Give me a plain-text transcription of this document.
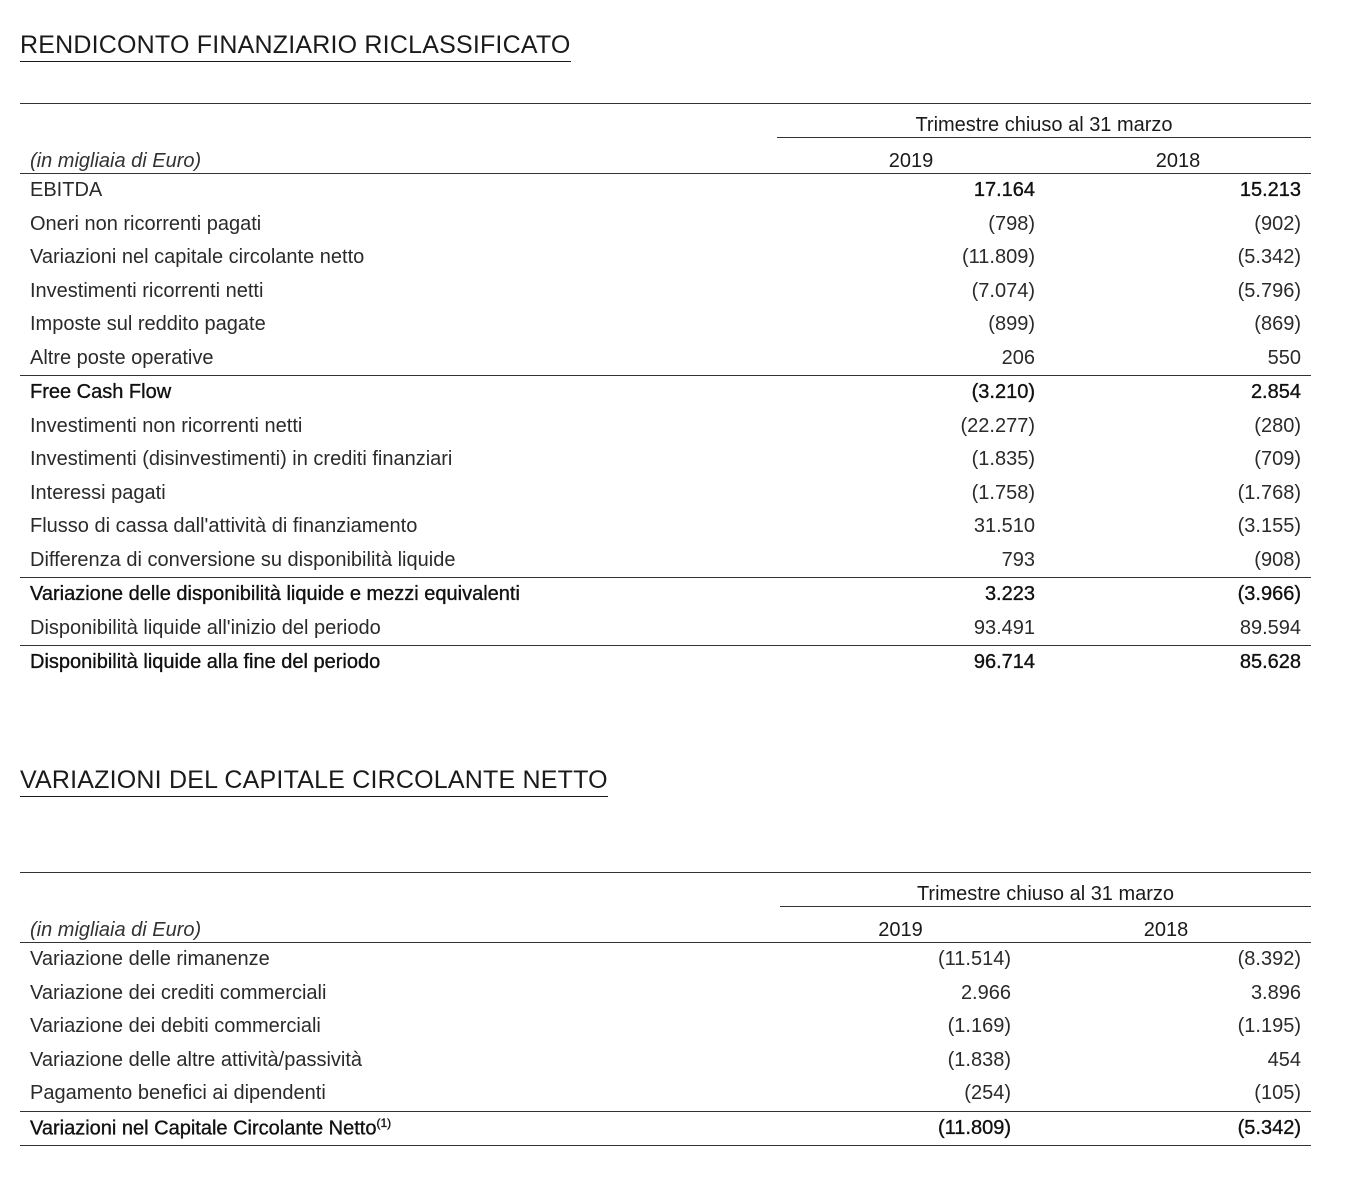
RENDICONTO FINANZIARIO RICLASSIFICATO
	Trimestre chiuso al 31 marzo	
(in migliaia di Euro)	2019	2018
EBITDA	17.164	15.213
Oneri non ricorrenti pagati	(798)	(902)
Variazioni nel capitale circolante netto	(11.809)	(5.342)
Investimenti ricorrenti netti	(7.074)	(5.796)
Imposte sul reddito pagate	(899)	(869)
Altre poste operative	206	550
Free Cash Flow	(3.210)	2.854
Investimenti non ricorrenti netti	(22.277)	(280)
Investimenti (disinvestimenti) in crediti finanziari	(1.835)	(709)
Interessi pagati	(1.758)	(1.768)
Flusso di cassa dall'attività di finanziamento	31.510	(3.155)
Differenza di conversione su disponibilità liquide	793	(908)
Variazione delle disponibilità liquide e mezzi equivalenti	3.223	(3.966)
Disponibilità liquide all'inizio del periodo	93.491	89.594
Disponibilità liquide alla fine del periodo	96.714	85.628
VARIAZIONI DEL CAPITALE CIRCOLANTE NETTO
	Trimestre chiuso al 31 marzo	
(in migliaia di Euro)	2019	2018
Variazione delle rimanenze	(11.514)	(8.392)
Variazione dei crediti commerciali	2.966	3.896
Variazione dei debiti commerciali	(1.169)	(1.195)
Variazione delle altre attività/passività	(1.838)	454
Pagamento benefici ai dipendenti	(254)	(105)
Variazioni nel Capitale Circolante Netto$^{(1)}$	(11.809)	(5.342)
